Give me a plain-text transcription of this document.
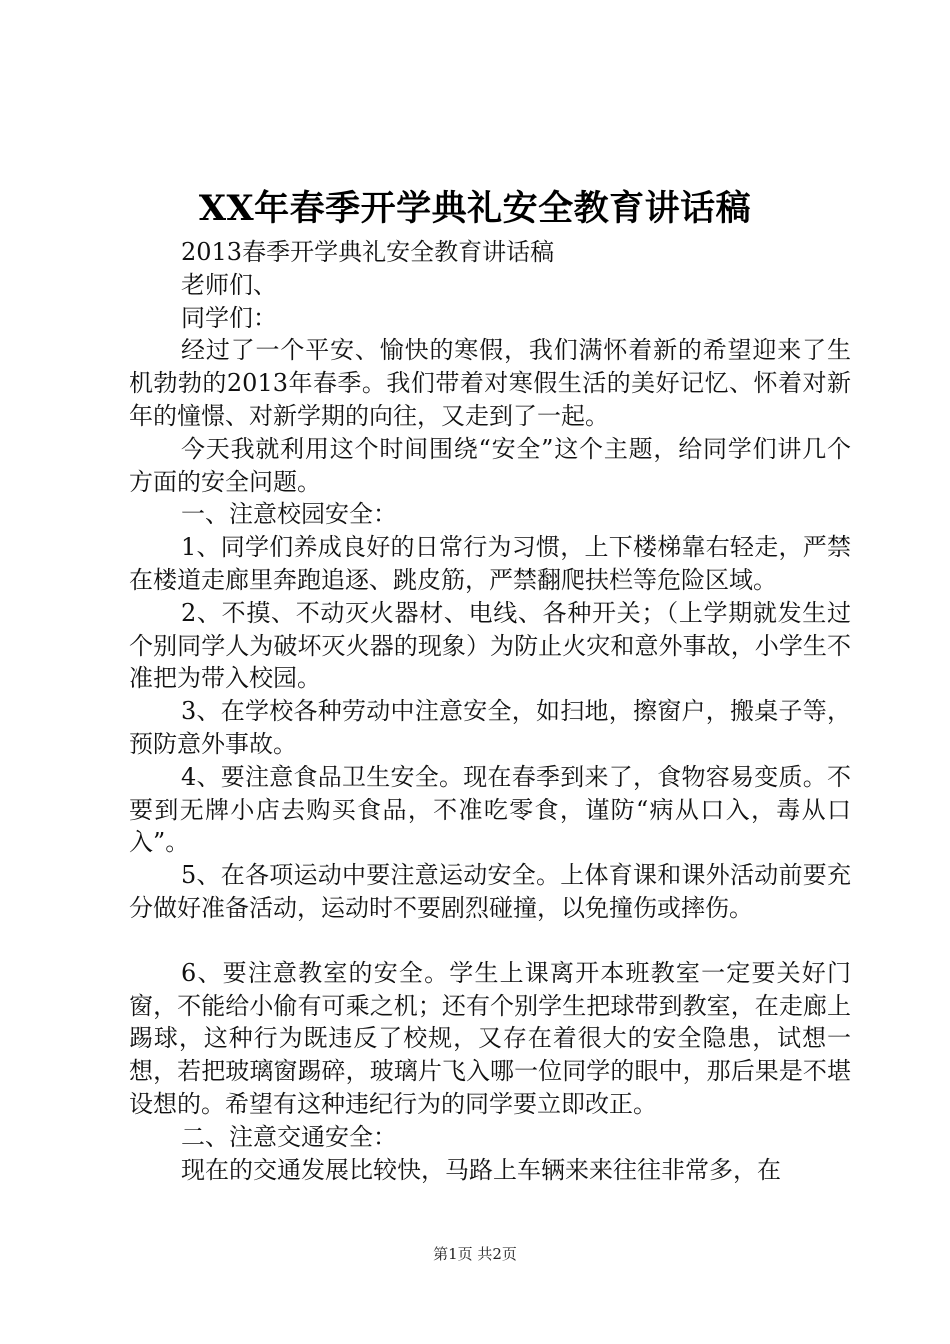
XX年春季开学典礼安全教育讲话稿

2013春季开学典礼安全教育讲话稿

老师们、

同学们：

经过了一个平安、愉快的寒假，我们满怀着新的希望迎来了生机勃勃的2013年春季。我们带着对寒假生活的美好记忆、怀着对新年的憧憬、对新学期的向往，又走到了一起。

今天我就利用这个时间围绕“安全”这个主题，给同学们讲几个方面的安全问题。

一、注意校园安全：

1、同学们养成良好的日常行为习惯，上下楼梯靠右轻走，严禁在楼道走廊里奔跑追逐、跳皮筋，严禁翻爬扶栏等危险区域。

2、不摸、不动灭火器材、电线、各种开关；（上学期就发生过个别同学人为破坏灭火器的现象）为防止火灾和意外事故，小学生不准把为带入校园。

3、在学校各种劳动中注意安全，如扫地，擦窗户，搬桌子等，预防意外事故。

4、要注意食品卫生安全。现在春季到来了，食物容易变质。不要到无牌小店去购买食品，不准吃零食，谨防“病从口入，毒从口入”。

5、在各项运动中要注意运动安全。上体育课和课外活动前要充分做好准备活动，运动时不要剧烈碰撞，以免撞伤或摔伤。

6、要注意教室的安全。学生上课离开本班教室一定要关好门窗，不能给小偷有可乘之机；还有个别学生把球带到教室，在走廊上踢球，这种行为既违反了校规，又存在着很大的安全隐患，试想一想，若把玻璃窗踢碎，玻璃片飞入哪一位同学的眼中，那后果是不堪设想的。希望有这种违纪行为的同学要立即改正。

二、注意交通安全：

现在的交通发展比较快，马路上车辆来来往往非常多，在

第1页 共2页
